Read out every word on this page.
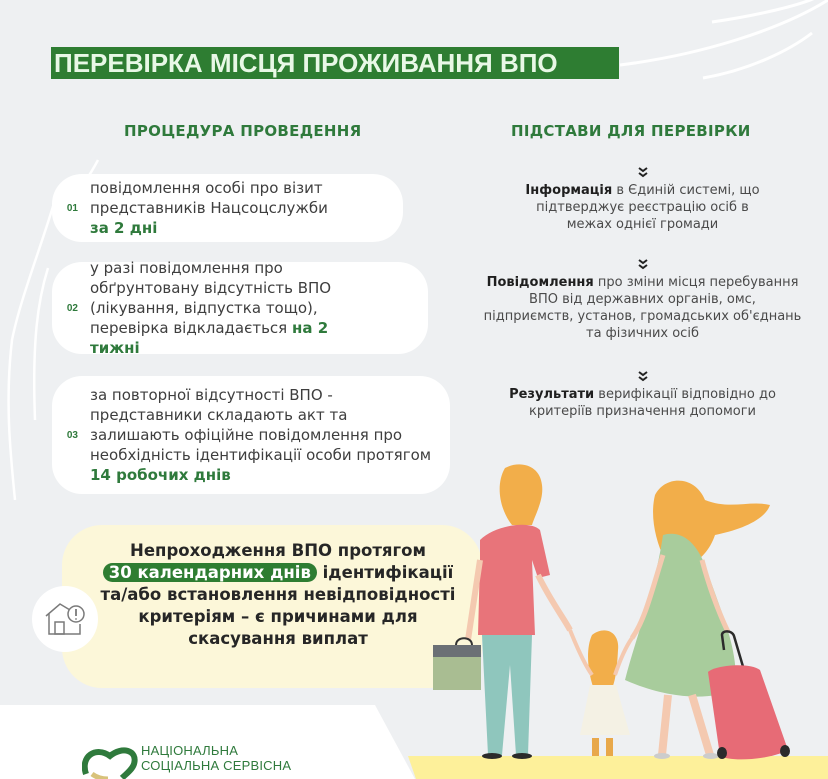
ПЕРЕВІРКА МІСЦЯ ПРОЖИВАННЯ ВПО
ПРОЦЕДУРА ПРОВЕДЕННЯ	ПІДСТАВИ ДЛЯ ПЕРЕВІРКИ
01
повідомлення особі про візит представників Нацсоцслужби
за 2 дні
02
у разі повідомлення про обґрунтовану відсутність ВПО (лікування, відпустка тощо), перевірка відкладається на 2 тижні
03
за повторної відсутності ВПО - представники складають акт та залишають офіційне повідомлення про необхідність ідентифікації особи протягом 14 робочих днів
Інформація в Єдиній системі, що підтверджує реєстрацію осіб в межах однієї громади
Повідомлення про зміни місця перебування ВПО від державних органів, омс, підприємств, установ, громадських об'єднань та фізичних осіб
Результати верифікації відповідно до критеріїв призначення допомоги
Непроходження ВПО протягом
30 календарних днів ідентифікації та/або встановлення невідповідності критеріям – є причинами для скасування виплат
НАЦІОНАЛЬНА
СОЦІАЛЬНА СЕРВІСНА
